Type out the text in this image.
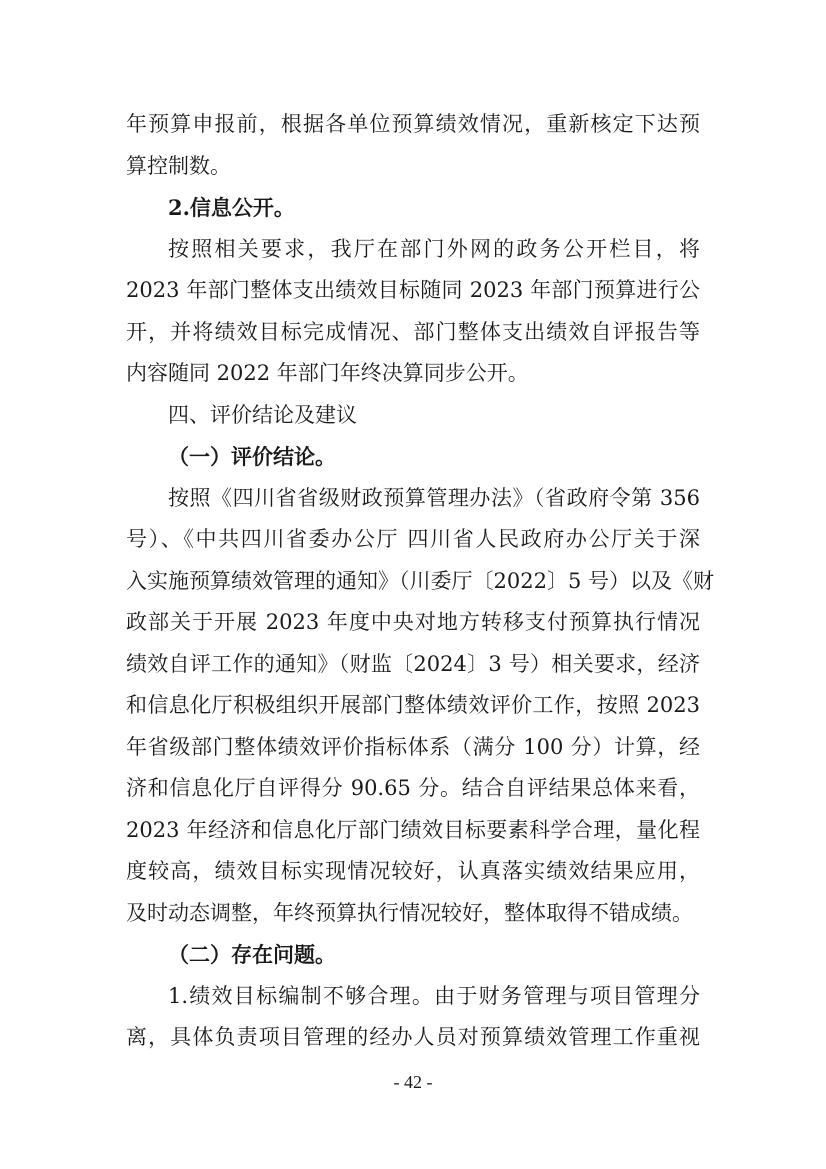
年预算申报前，根据各单位预算绩效情况，重新核定下达预
算控制数。
2.信息公开。
按照相关要求，我厅在部门外网的政务公开栏目，将
2023 年部门整体支出绩效目标随同 2023 年部门预算进行公
开，并将绩效目标完成情况、部门整体支出绩效自评报告等
内容随同 2022 年部门年终决算同步公开。
四、评价结论及建议
（一）评价结论。
按照《四川省省级财政预算管理办法》（省政府令第 356
号）、《中共四川省委办公厅 四川省人民政府办公厅关于深
入实施预算绩效管理的通知》（川委厅〔2022〕5 号）以及《财
政部关于开展 2023 年度中央对地方转移支付预算执行情况
绩效自评工作的通知》（财监〔2024〕3 号）相关要求，经济
和信息化厅积极组织开展部门整体绩效评价工作，按照 2023
年省级部门整体绩效评价指标体系（满分 100 分）计算，经
济和信息化厅自评得分 90.65 分。结合自评结果总体来看，
2023 年经济和信息化厅部门绩效目标要素科学合理，量化程
度较高，绩效目标实现情况较好，认真落实绩效结果应用，
及时动态调整，年终预算执行情况较好，整体取得不错成绩。
（二）存在问题。
1.绩效目标编制不够合理。由于财务管理与项目管理分
离，具体负责项目管理的经办人员对预算绩效管理工作重视
- 42 -
